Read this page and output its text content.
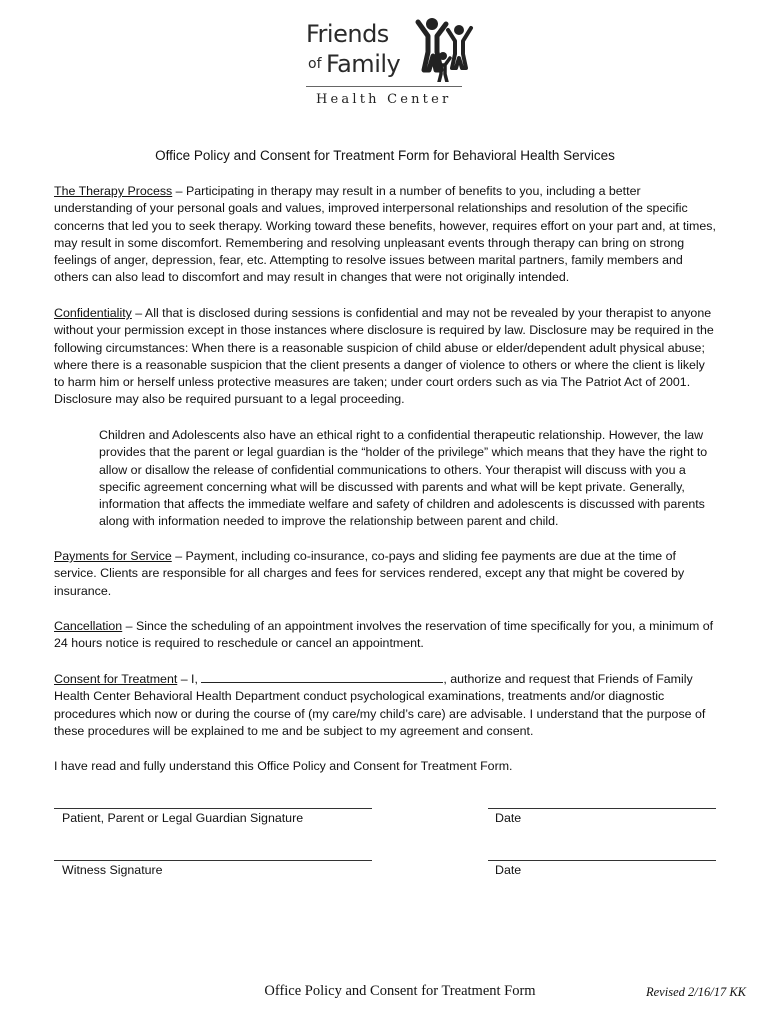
Friends
of Family
Health Center
Office Policy and Consent for Treatment Form for Behavioral Health Services
The Therapy Process – Participating in therapy may result in a number of benefits to you, including a better understanding of your personal goals and values, improved interpersonal relationships and resolution of the specific concerns that led you to seek therapy. Working toward these benefits, however, requires effort on your part and, at times, may result in some discomfort. Remembering and resolving unpleasant events through therapy can bring on strong feelings of anger, depression, fear, etc. Attempting to resolve issues between marital partners, family members and others can also lead to discomfort and may result in changes that were not originally intended.
Confidentiality – All that is disclosed during sessions is confidential and may not be revealed by your therapist to anyone without your permission except in those instances where disclosure is required by law. Disclosure may be required in the following circumstances: When there is a reasonable suspicion of child abuse or elder/dependent adult physical abuse; where there is a reasonable suspicion that the client presents a danger of violence to others or where the client is likely to harm him or herself unless protective measures are taken; under court orders such as via The Patriot Act of 2001. Disclosure may also be required pursuant to a legal proceeding.
Children and Adolescents also have an ethical right to a confidential therapeutic relationship. However, the law provides that the parent or legal guardian is the “holder of the privilege” which means that they have the right to allow or disallow the release of confidential communications to others. Your therapist will discuss with you a specific agreement concerning what will be discussed with parents and what will be kept private. Generally, information that affects the immediate welfare and safety of children and adolescents is discussed with parents along with information needed to improve the relationship between parent and child.
Payments for Service – Payment, including co-insurance, co-pays and sliding fee payments are due at the time of service. Clients are responsible for all charges and fees for services rendered, except any that might be covered by insurance.
Cancellation – Since the scheduling of an appointment involves the reservation of time specifically for you, a minimum of 24 hours notice is required to reschedule or cancel an appointment.
Consent for Treatment – I,	, authorize and request that Friends of Family Health Center Behavioral Health Department conduct psychological examinations, treatments and/or diagnostic procedures which now or during the course of (my care/my child’s care) are advisable. I understand that the purpose of these procedures will be explained to me and be subject to my agreement and consent.
I have read and fully understand this Office Policy and Consent for Treatment Form.
Patient, Parent or Legal Guardian Signature	Date
Witness Signature	Date
Office Policy and Consent for Treatment Form	Revised 2/16/17 KK
